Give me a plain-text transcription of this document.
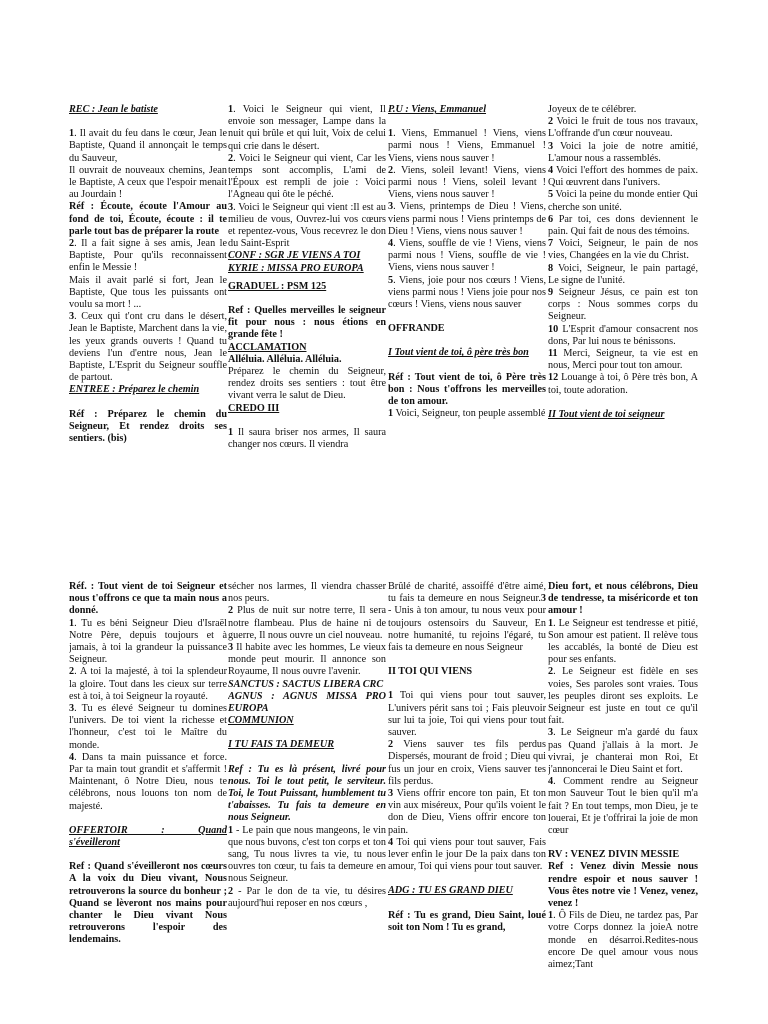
REC : Jean le batiste

1. Il avait du feu dans le cœur, Jean le Baptiste, Quand il annonçait le temps du Sauveur,

Il ouvrait de nouveaux chemins, Jean le Baptiste, A ceux que l'espoir menait au Jourdain !

Réf : Écoute, écoute l'Amour au fond de toi, Écoute, écoute : il te parle tout bas de préparer la route

2. Il a fait signe à ses amis, Jean le Baptiste, Pour qu'ils reconnaissent enfin le Messie !

Mais il avait parlé si fort, Jean le Baptiste, Que tous les puissants ont voulu sa mort ! ...

3. Ceux qui t'ont cru dans le désert, Jean le Baptiste, Marchent dans la vie, les yeux grands ouverts ! Quand tu deviens l'un d'entre nous, Jean le Baptiste, L'Esprit du Seigneur souffle de partout.

ENTREE : Préparez le chemin

Réf : Préparez le chemin du Seigneur, Et rendez droits ses sentiers. (bis)

1. Voici le Seigneur qui vient, Il envoie son messager, Lampe dans la nuit qui brûle et qui luit, Voix de celui qui crie dans le désert.

2. Voici le Seigneur qui vient, Car les temps sont accomplis, L'ami de l'Époux est rempli de joie : Voici l'Agneau qui ôte le péché.

3. Voici le Seigneur qui vient :Il est au milieu de vous, Ouvrez-lui vos cœurs et repentez-vous, Vous recevrez le don du Saint-Esprit

CONF : SGR JE VIENS A TOI

KYRIE : MISSA PRO EUROPA

GRADUEL : PSM 125

Ref : Quelles merveilles le seigneur fit pour nous : nous étions en grande fête !

ACCLAMATION

Alléluia. Alléluia. Alléluia.

Préparez le chemin du Seigneur, rendez droits ses sentiers : tout être vivant verra le salut de Dieu.

CREDO III

1 Il saura briser nos armes, Il saura changer nos cœurs. Il viendra

P.U : Viens, Emmanuel

1. Viens, Emmanuel ! Viens, viens parmi nous ! Viens, Emmanuel ! Viens, viens nous sauver !

2. Viens, soleil levant! Viens, viens parmi nous ! Viens, soleil levant ! Viens, viens nous sauver !

3. Viens, printemps de Dieu ! Viens, viens parmi nous ! Viens printemps de Dieu ! Viens, viens nous sauver !

4. Viens, souffle de vie ! Viens, viens parmi nous ! Viens, souffle de vie ! Viens, viens nous sauver !

5. Viens, joie pour nos cœurs ! Viens, viens parmi nous ! Viens joie pour nos cœurs ! Viens, viens nous sauver

OFFRANDE

I Tout vient de toi, ô père très bon

Réf : Tout vient de toi, ô Père très bon : Nous t'offrons les merveilles de ton amour.

1 Voici, Seigneur, ton peuple assemblé

Joyeux de te célébrer.

2 Voici le fruit de tous nos travaux, L'offrande d'un cœur nouveau.

3 Voici la joie de notre amitié, L'amour nous a rassemblés.

4 Voici l'effort des hommes de paix. Qui œuvrent dans l'univers.

5 Voici la peine du monde entier Qui cherche son unité.

6 Par toi, ces dons deviennent le pain. Qui fait de nous des témoins.

7 Voici, Seigneur, le pain de nos vies, Changées en la vie du Christ.

8 Voici, Seigneur, le pain partagé, Le signe de l'unité.

9 Seigneur Jésus, ce pain est ton corps : Nous sommes corps du Seigneur.

10 L'Esprit d'amour consacrent nos dons, Par lui nous te bénissons.

11 Merci, Seigneur, ta vie est en nous, Merci pour tout ton amour.

12 Louange à toi, ô Père très bon, A toi, toute adoration.

II Tout vient de toi seigneur

Réf. : Tout vient de toi Seigneur et nous t'offrons ce que ta main nous a donné.

1. Tu es béni Seigneur Dieu d'Israël Notre Père, depuis toujours et à jamais, à toi la grandeur la puissance Seigneur.

2. A toi la majesté, à toi la splendeur la gloire. Tout dans les cieux sur terre est à toi, à toi Seigneur la royauté.

3. Tu es élevé Seigneur tu domines l'univers. De toi vient la richesse et l'honneur, c'est toi le Maître du monde.

4. Dans ta main puissance et force. Par ta main tout grandit et s'affermit ! Maintenant, ô Notre Dieu, nous te célébrons, nous louons ton nom de majesté.

OFFERTOIR :	Quand

s'éveilleront

Ref : Quand s'éveilleront nos cœurs A la voix du Dieu vivant, Nous retrouverons la source du bonheur ; Quand se lèveront nos mains pour chanter le Dieu vivant Nous retrouverons l'espoir des lendemains.

sécher nos larmes, Il viendra chasser nos peurs.

2 Plus de nuit sur notre terre, Il sera notre flambeau. Plus de haine ni de guerre, Il nous ouvre un ciel nouveau.

3 Il habite avec les hommes, Le vieux monde peut mourir. Il annonce son Royaume, Il nous ouvre l'avenir.

SANCTUS : SACTUS LIBERA CRC

AGNUS : AGNUS MISSA PRO EUROPA

COMMUNION

I TU FAIS TA DEMEUR

Ref : Tu es là présent, livré pour nous. Toi le tout petit, le serviteur. Toi, le Tout Puissant, humblement tu t'abaisses. Tu fais ta demeure en nous Seigneur.

1 - Le pain que nous mangeons, le vin que nous buvons, c'est ton corps et ton sang, Tu nous livres ta vie, tu nous ouvres ton cœur, tu fais ta demeure en nous Seigneur.

2 - Par le don de ta vie, tu désires aujourd'hui reposer en nos cœurs ,

Brûlé de charité, assoiffé d'être aimé, tu fais ta demeure en nous Seigneur.3 - Unis à ton amour, tu nous veux pour toujours ostensoirs du Sauveur, En notre humanité, tu rejoins l'égaré, tu fais ta demeure en nous Seigneur

II TOI QUI VIENS

1 Toi qui viens pour tout sauver, L'univers périt sans toi ; Fais pleuvoir sur lui ta joie, Toi qui viens pour tout sauver.

2 Viens sauver tes fils perdus Dispersés, mourant de froid ; Dieu qui fus un jour en croix, Viens sauver tes fils perdus.

3 Viens offrir encore ton pain, Et ton vin aux miséreux, Pour qu'ils voient le don de Dieu, Viens offrir encore ton pain.

4 Toi qui viens pour tout sauver, Fais lever enfin le jour De la paix dans ton amour, Toi qui viens pour tout sauver.

ADG : TU ES GRAND DIEU

Réf : Tu es grand, Dieu Saint, loué soit ton Nom ! Tu es grand,

Dieu fort, et nous célébrons, Dieu de tendresse, ta miséricorde et ton amour !

1. Le Seigneur est tendresse et pitié, Son amour est patient. Il relève tous les accablés, la bonté de Dieu est pour ses enfants.

2. Le Seigneur est fidèle en ses voies, Ses paroles sont vraies. Tous les peuples diront ses exploits. Le Seigneur est juste en tout ce qu'il fait.

3. Le Seigneur m'a gardé du faux pas Quand j'allais à la mort. Je vivrai, je chanterai mon Roi, Et j'annoncerai le Dieu Saint et fort.

4. Comment rendre au Seigneur mon Sauveur Tout le bien qu'il m'a fait ? En tout temps, mon Dieu, je te louerai, Et je t'offrirai la joie de mon cœur

RV : VENEZ DIVIN MESSIE

Ref : Venez divin Messie nous rendre espoir et nous sauver ! Vous êtes notre vie ! Venez, venez, venez !

1. Ô Fils de Dieu, ne tardez pas, Par votre Corps donnez la joieA notre monde en désarroi.Redites-nous encore De quel amour vous nous aimez;Tant
